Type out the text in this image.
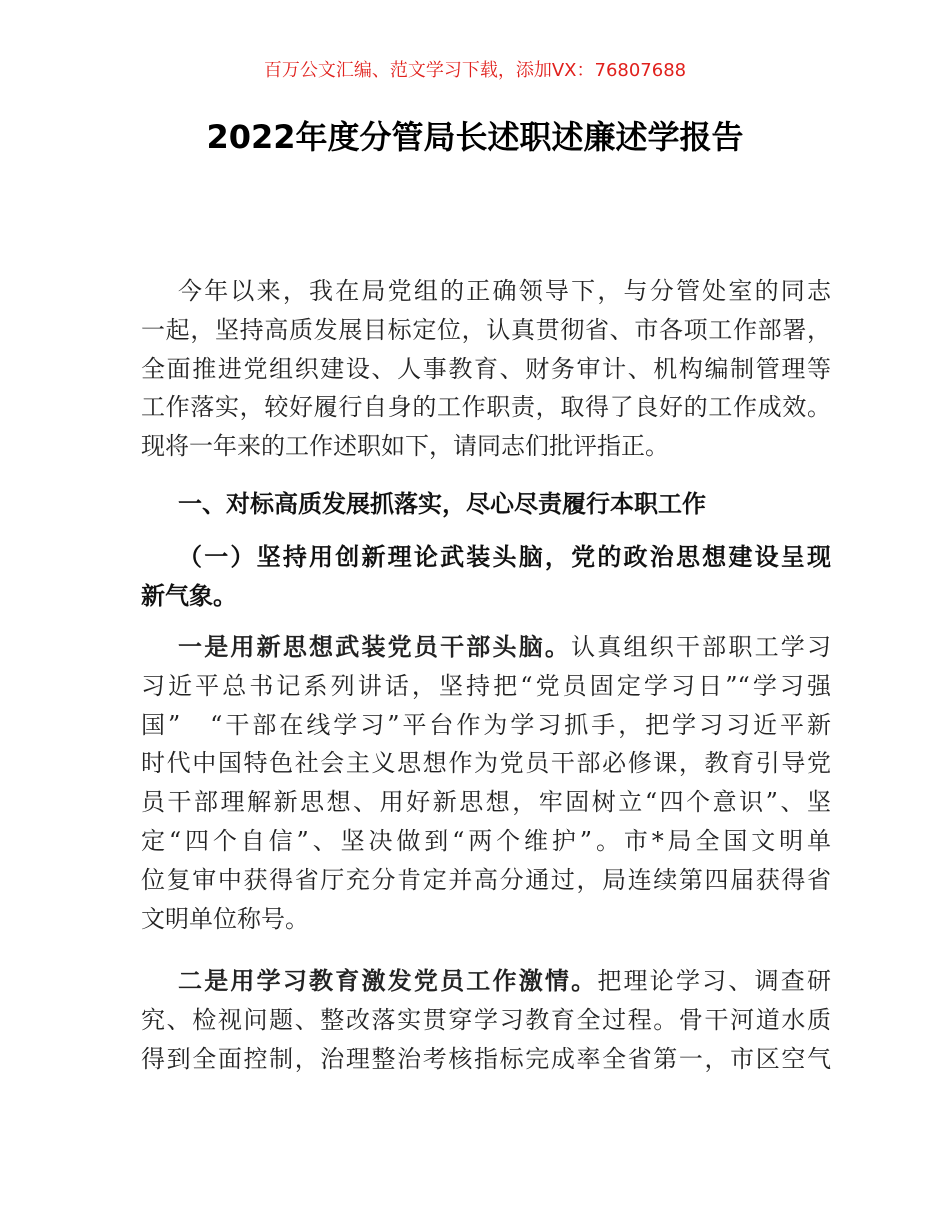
百万公文汇编、范文学习下载，添加VX：76807688
2022年度分管局长述职述廉述学报告
今年以来，我在局党组的正确领导下，与分管处室的同志
一起，坚持高质发展目标定位，认真贯彻省、市各项工作部署，
全面推进党组织建设、人事教育、财务审计、机构编制管理等
工作落实，较好履行自身的工作职责，取得了良好的工作成效。
现将一年来的工作述职如下，请同志们批评指正。
一、对标高质发展抓落实，尽心尽责履行本职工作
（一）坚持用创新理论武装头脑，党的政治思想建设呈现
新气象。
一是用新思想武装党员干部头脑。认真组织干部职工学习
习近平总书记系列讲话，坚持把“党员固定学习日”“学习强
国”　“干部在线学习”平台作为学习抓手，把学习习近平新
时代中国特色社会主义思想作为党员干部必修课，教育引导党
员干部理解新思想、用好新思想，牢固树立“四个意识”、坚
定“四个自信”、坚决做到“两个维护”。市*局全国文明单
位复审中获得省厅充分肯定并高分通过，局连续第四届获得省
文明单位称号。
二是用学习教育激发党员工作激情。把理论学习、调查研
究、检视问题、整改落实贯穿学习教育全过程。骨干河道水质
得到全面控制，治理整治考核指标完成率全省第一，市区空气
